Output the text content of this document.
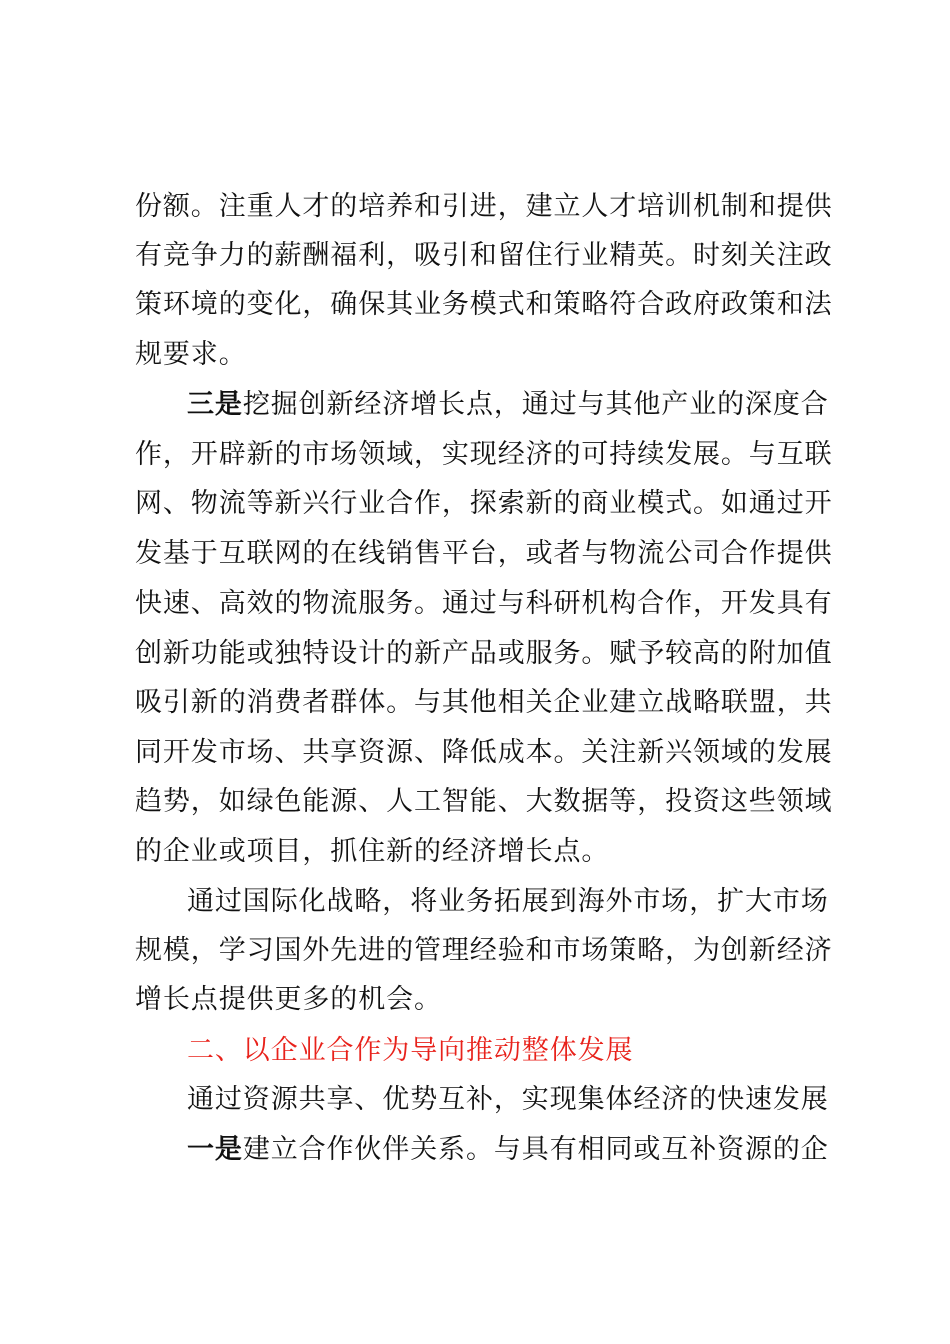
份额。注重人才的培养和引进，建立人才培训机制和提供
有竞争力的薪酬福利，吸引和留住行业精英。时刻关注政
策环境的变化，确保其业务模式和策略符合政府政策和法
规要求。
三是挖掘创新经济增长点，通过与其他产业的深度合
作，开辟新的市场领域，实现经济的可持续发展。与互联
网、物流等新兴行业合作，探索新的商业模式。如通过开
发基于互联网的在线销售平台，或者与物流公司合作提供
快速、高效的物流服务。通过与科研机构合作，开发具有
创新功能或独特设计的新产品或服务。赋予较高的附加值
吸引新的消费者群体。与其他相关企业建立战略联盟，共
同开发市场、共享资源、降低成本。关注新兴领域的发展
趋势，如绿色能源、人工智能、大数据等，投资这些领域
的企业或项目，抓住新的经济增长点。
通过国际化战略，将业务拓展到海外市场，扩大市场
规模，学习国外先进的管理经验和市场策略，为创新经济
增长点提供更多的机会。
二、以企业合作为导向推动整体发展
通过资源共享、优势互补，实现集体经济的快速发展
一是建立合作伙伴关系。与具有相同或互补资源的企
